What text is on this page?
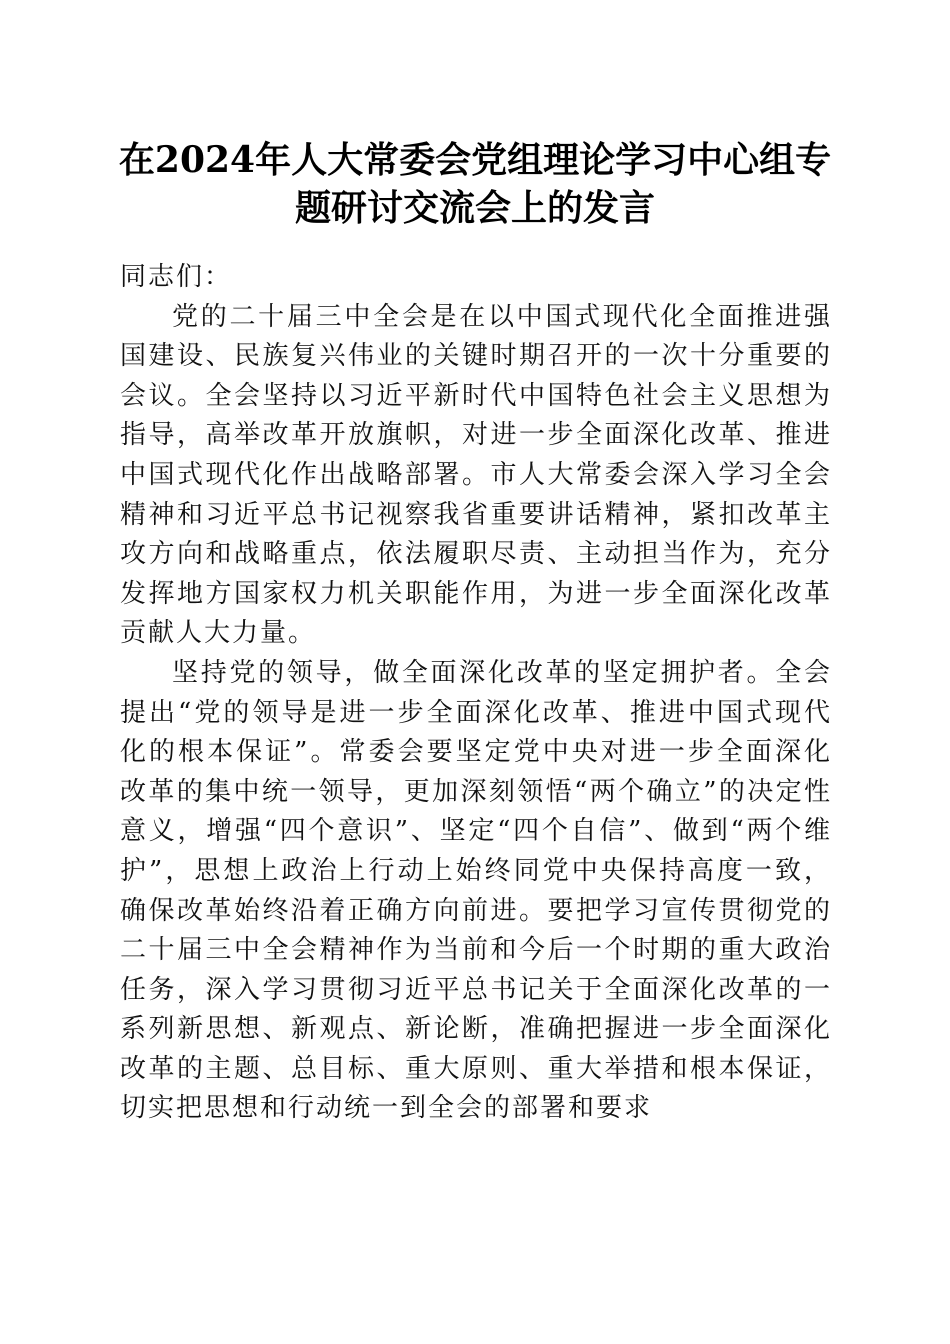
在2024年人大常委会党组理论学习中心组专
题研讨交流会上的发言

同志们：

党的二十届三中全会是在以中国式现代化全面推进强国建设、民族复兴伟业的关键时期召开的一次十分重要的会议。全会坚持以习近平新时代中国特色社会主义思想为指导，高举改革开放旗帜，对进一步全面深化改革、推进中国式现代化作出战略部署。市人大常委会深入学习全会精神和习近平总书记视察我省重要讲话精神，紧扣改革主攻方向和战略重点，依法履职尽责、主动担当作为，充分发挥地方国家权力机关职能作用，为进一步全面深化改革贡献人大力量。

坚持党的领导，做全面深化改革的坚定拥护者。全会提出“党的领导是进一步全面深化改革、推进中国式现代化的根本保证”。常委会要坚定党中央对进一步全面深化改革的集中统一领导，更加深刻领悟“两个确立”的决定性意义，增强“四个意识”、坚定“四个自信”、做到“两个维护”，思想上政治上行动上始终同党中央保持高度一致，确保改革始终沿着正确方向前进。要把学习宣传贯彻党的二十届三中全会精神作为当前和今后一个时期的重大政治任务，深入学习贯彻习近平总书记关于全面深化改革的一系列新思想、新观点、新论断，准确把握进一步全面深化改革的主题、总目标、重大原则、重大举措和根本保证，切实把思想和行动统一到全会的部署和要求
